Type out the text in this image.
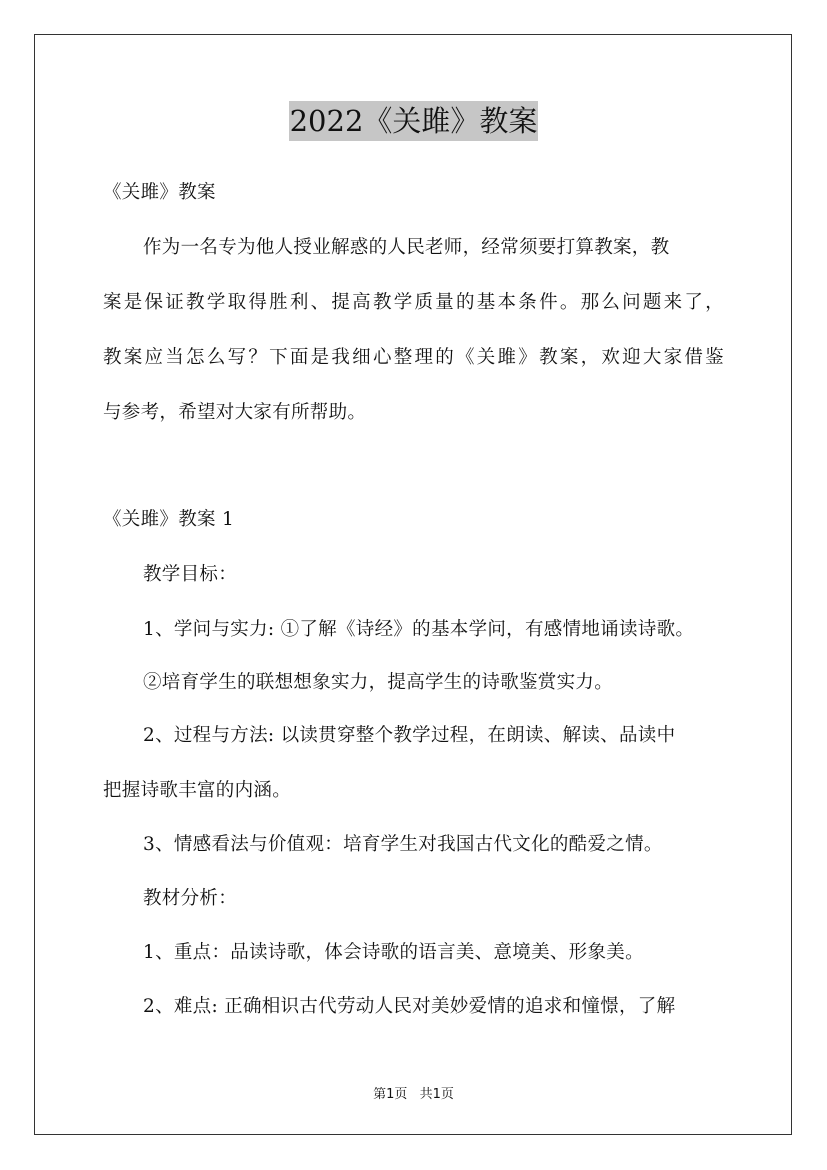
2022《关雎》教案
《关雎》教案
作为一名专为他人授业解惑的人民老师，经常须要打算教案，教
案是保证教学取得胜利、提高教学质量的基本条件。那么问题来了，
教案应当怎么写？下面是我细心整理的《关雎》教案，欢迎大家借鉴
与参考，希望对大家有所帮助。
《关雎》教案 1
教学目标：
1、学问与实力: ①了解《诗经》的基本学问，有感情地诵读诗歌。
②培育学生的联想想象实力，提高学生的诗歌鉴赏实力。
2、过程与方法: 以读贯穿整个教学过程，在朗读、解读、品读中
把握诗歌丰富的内涵。
3、情感看法与价值观：培育学生对我国古代文化的酷爱之情。
教材分析：
1、重点：品读诗歌，体会诗歌的语言美、意境美、形象美。
2、难点: 正确相识古代劳动人民对美妙爱情的追求和憧憬，了解
第1页 共1页
